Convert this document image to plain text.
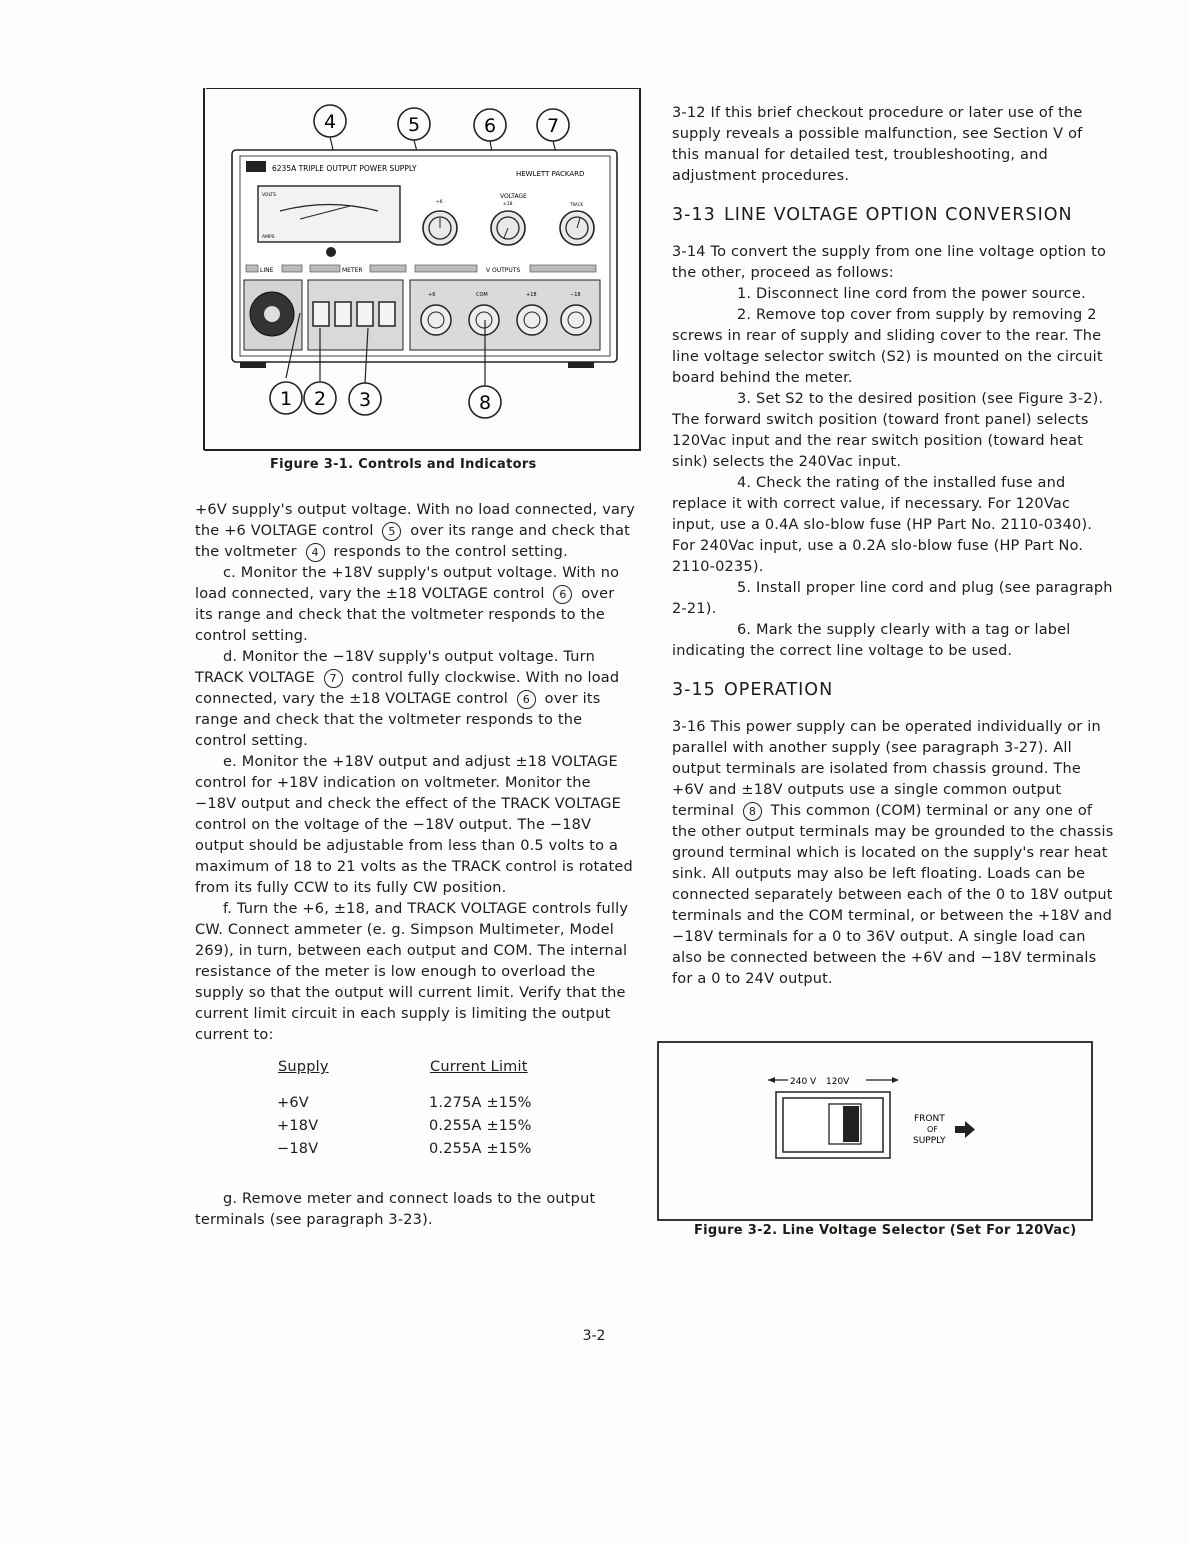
4	5	6	7
6235A TRIPLE OUTPUT POWER SUPPLY
HEWLETT PACKARD
VOLTS
AMPS
+6
VOLTAGE
±18	TRACK
LINE	METER	V OUTPUTS
+6	COM	+18	−18
1 2 3	8
Figure 3-1. Controls and Indicators

+6V supply's output voltage. With no load connected, vary the +6 VOLTAGE control 5 over its range and check that the voltmeter 4 responds to the control setting.

c. Monitor the +18V supply's output voltage. With no load connected, vary the ±18 VOLTAGE control 6 over its range and check that the voltmeter responds to the control setting.

d. Monitor the −18V supply's output voltage. Turn TRACK VOLTAGE 7 control fully clockwise. With no load connected, vary the ±18 VOLTAGE control 6 over its range and check that the voltmeter responds to the control setting.

e. Monitor the +18V output and adjust ±18 VOLTAGE control for +18V indication on voltmeter. Monitor the −18V output and check the effect of the TRACK VOLTAGE control on the voltage of the −18V output. The −18V output should be adjustable from less than 0.5 volts to a maximum of 18 to 21 volts as the TRACK control is rotated from its fully CCW to its fully CW position.

f. Turn the +6, ±18, and TRACK VOLTAGE controls fully CW. Connect ammeter (e. g. Simpson Multimeter, Model 269), in turn, between each output and COM. The internal resistance of the meter is low enough to overload the supply so that the output will current limit. Verify that the current limit circuit in each supply is limiting the output current to:

Supply	Current Limit
+6V	1.275A ±15%
+18V	0.255A ±15%
−18V	0.255A ±15%

g. Remove meter and connect loads to the output terminals (see paragraph 3-23).

3-12 If this brief checkout procedure or later use of the supply reveals a possible malfunction, see Section V of this manual for detailed test, troubleshooting, and adjustment procedures.

3-13 LINE VOLTAGE OPTION CONVERSION

3-14 To convert the supply from one line voltage option to the other, proceed as follows:

1. Disconnect line cord from the power source.

2. Remove top cover from supply by removing 2 screws in rear of supply and sliding cover to the rear. The line voltage selector switch (S2) is mounted on the circuit board behind the meter.

3. Set S2 to the desired position (see Figure 3-2). The forward switch position (toward front panel) selects 120Vac input and the rear switch position (toward heat sink) selects the 240Vac input.

4. Check the rating of the installed fuse and replace it with correct value, if necessary. For 120Vac input, use a 0.4A slo-blow fuse (HP Part No. 2110-0340). For 240Vac input, use a 0.2A slo-blow fuse (HP Part No. 2110-0235).

5. Install proper line cord and plug (see paragraph 2-21).

6. Mark the supply clearly with a tag or label indicating the correct line voltage to be used.

3-15 OPERATION

3-16 This power supply can be operated individually or in parallel with another supply (see paragraph 3-27). All output terminals are isolated from chassis ground. The +6V and ±18V outputs use a single common output terminal 8 This common (COM) terminal or any one of the other output terminals may be grounded to the chassis ground terminal which is located on the supply's rear heat sink. All outputs may also be left floating. Loads can be connected separately between each of the 0 to 18V output terminals and the COM terminal, or between the +18V and −18V terminals for a 0 to 36V output. A single load can also be connected between the +6V and −18V terminals for a 0 to 24V output.

240 V 120V
FRONT
OF
SUPPLY
Figure 3-2. Line Voltage Selector (Set For 120Vac)
3-2
